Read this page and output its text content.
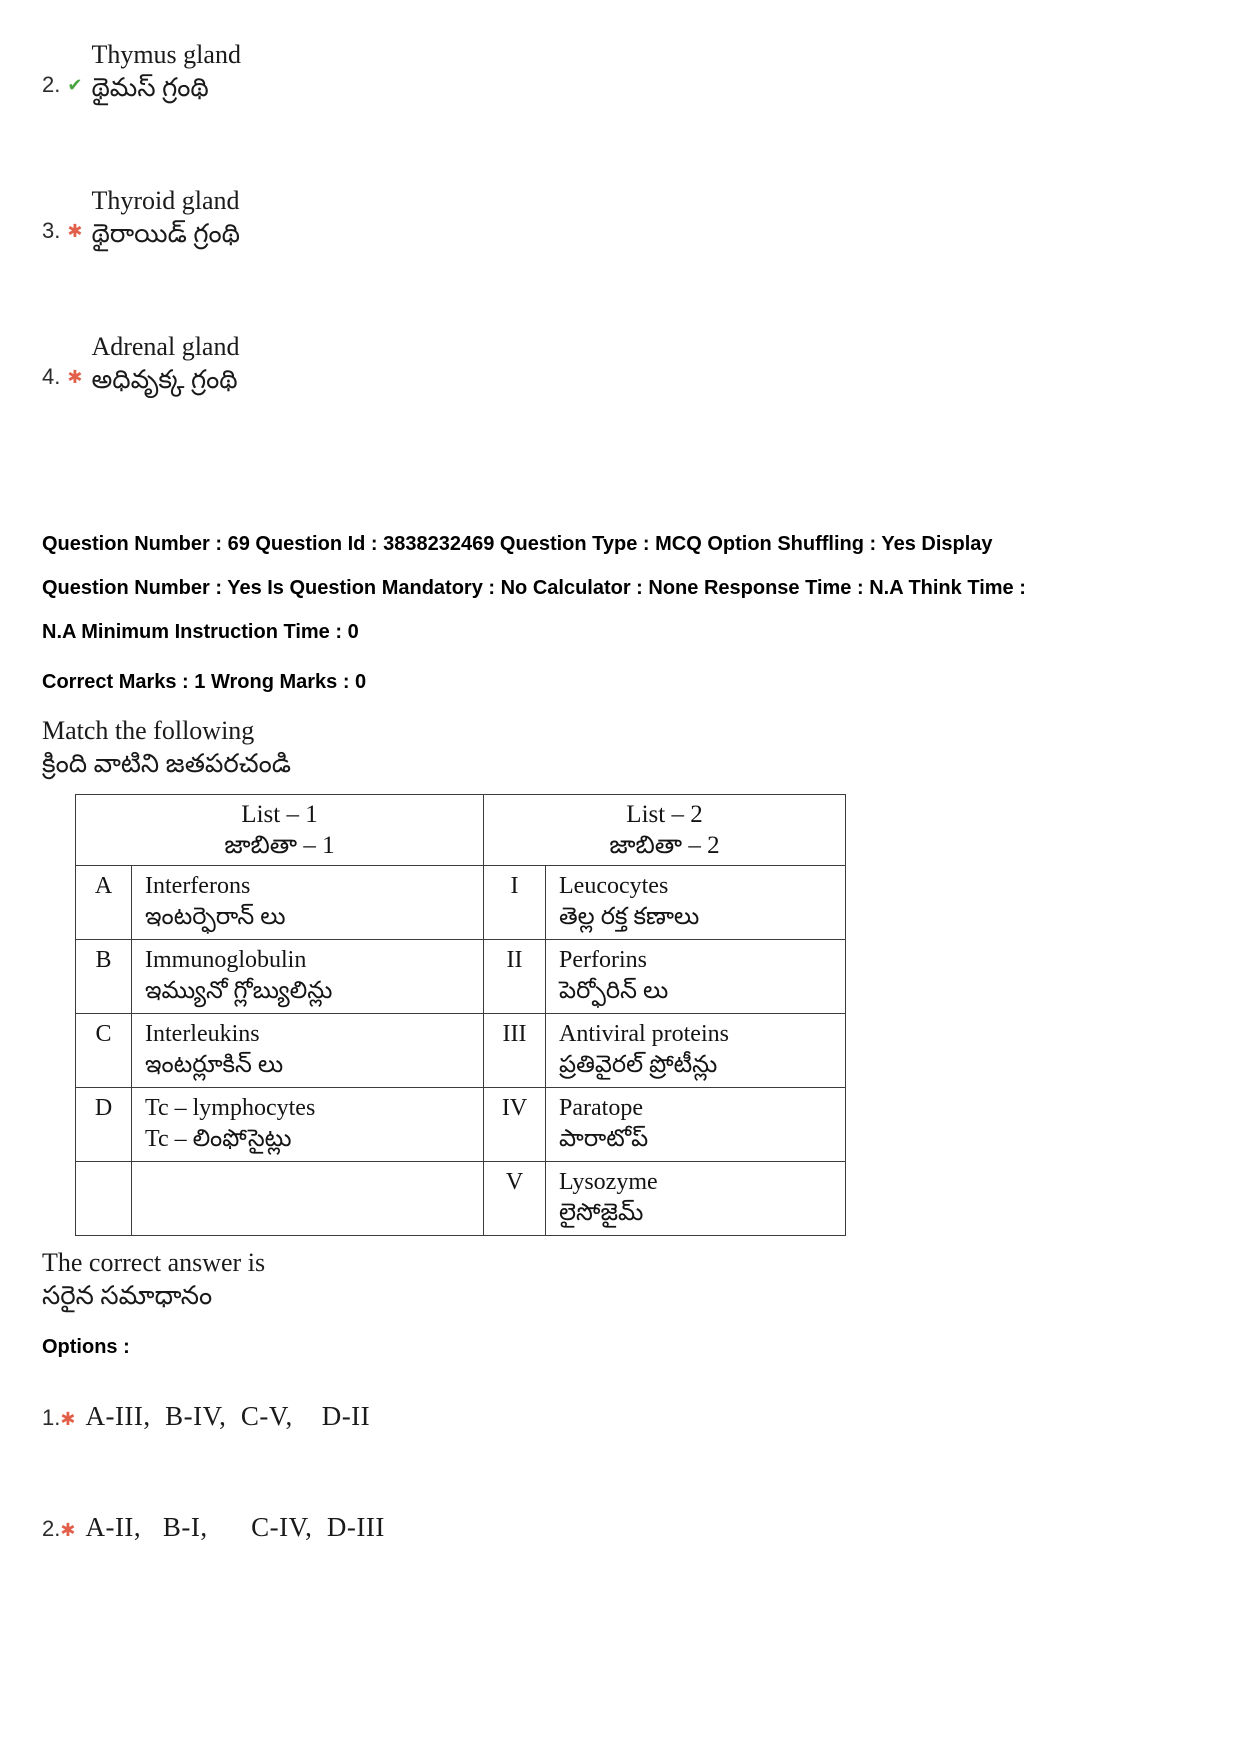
2. ✔
Thymus gland
థైమస్ గ్రంథి
3. ✱
Thyroid gland
థైరాయిడ్ గ్రంథి
4. ✱
Adrenal gland
అధివృక్క గ్రంథి

Question Number : 69 Question Id : 3838232469 Question Type : MCQ Option Shuffling : Yes Display Question Number : Yes Is Question Mandatory : No Calculator : None Response Time : N.A Think Time : N.A Minimum Instruction Time : 0

Correct Marks : 1 Wrong Marks : 0

Match the following
క్రింది వాటిని జతపరచండి
List – 1
జాబితా – 1

List – 2
జాబితా – 2

A	Interferons
ఇంటర్ఫెరాన్ లు
	I	Leucocytes
తెల్ల రక్త కణాలు

B	Immunoglobulin
ఇమ్యునో గ్లోబ్యులిన్లు
	II	Perforins
పెర్ఫోరిన్ లు

C	Interleukins
ఇంటర్లూకిన్ లు
	III	Antiviral proteins
ప్రతివైరల్ ప్రోటీన్లు

D	Tc – lymphocytes
Tc – లింఫోసైట్లు
	IV	Paratope
పారాటోప్

	V	Lysozyme
లైసోజైమ్
The correct answer is
సరైన సమాధానం

Options :

1. ✱ A-III,  B-IV,  C-V,    D-II
2. ✱ A-II,   B-I,      C-IV,  D-III
